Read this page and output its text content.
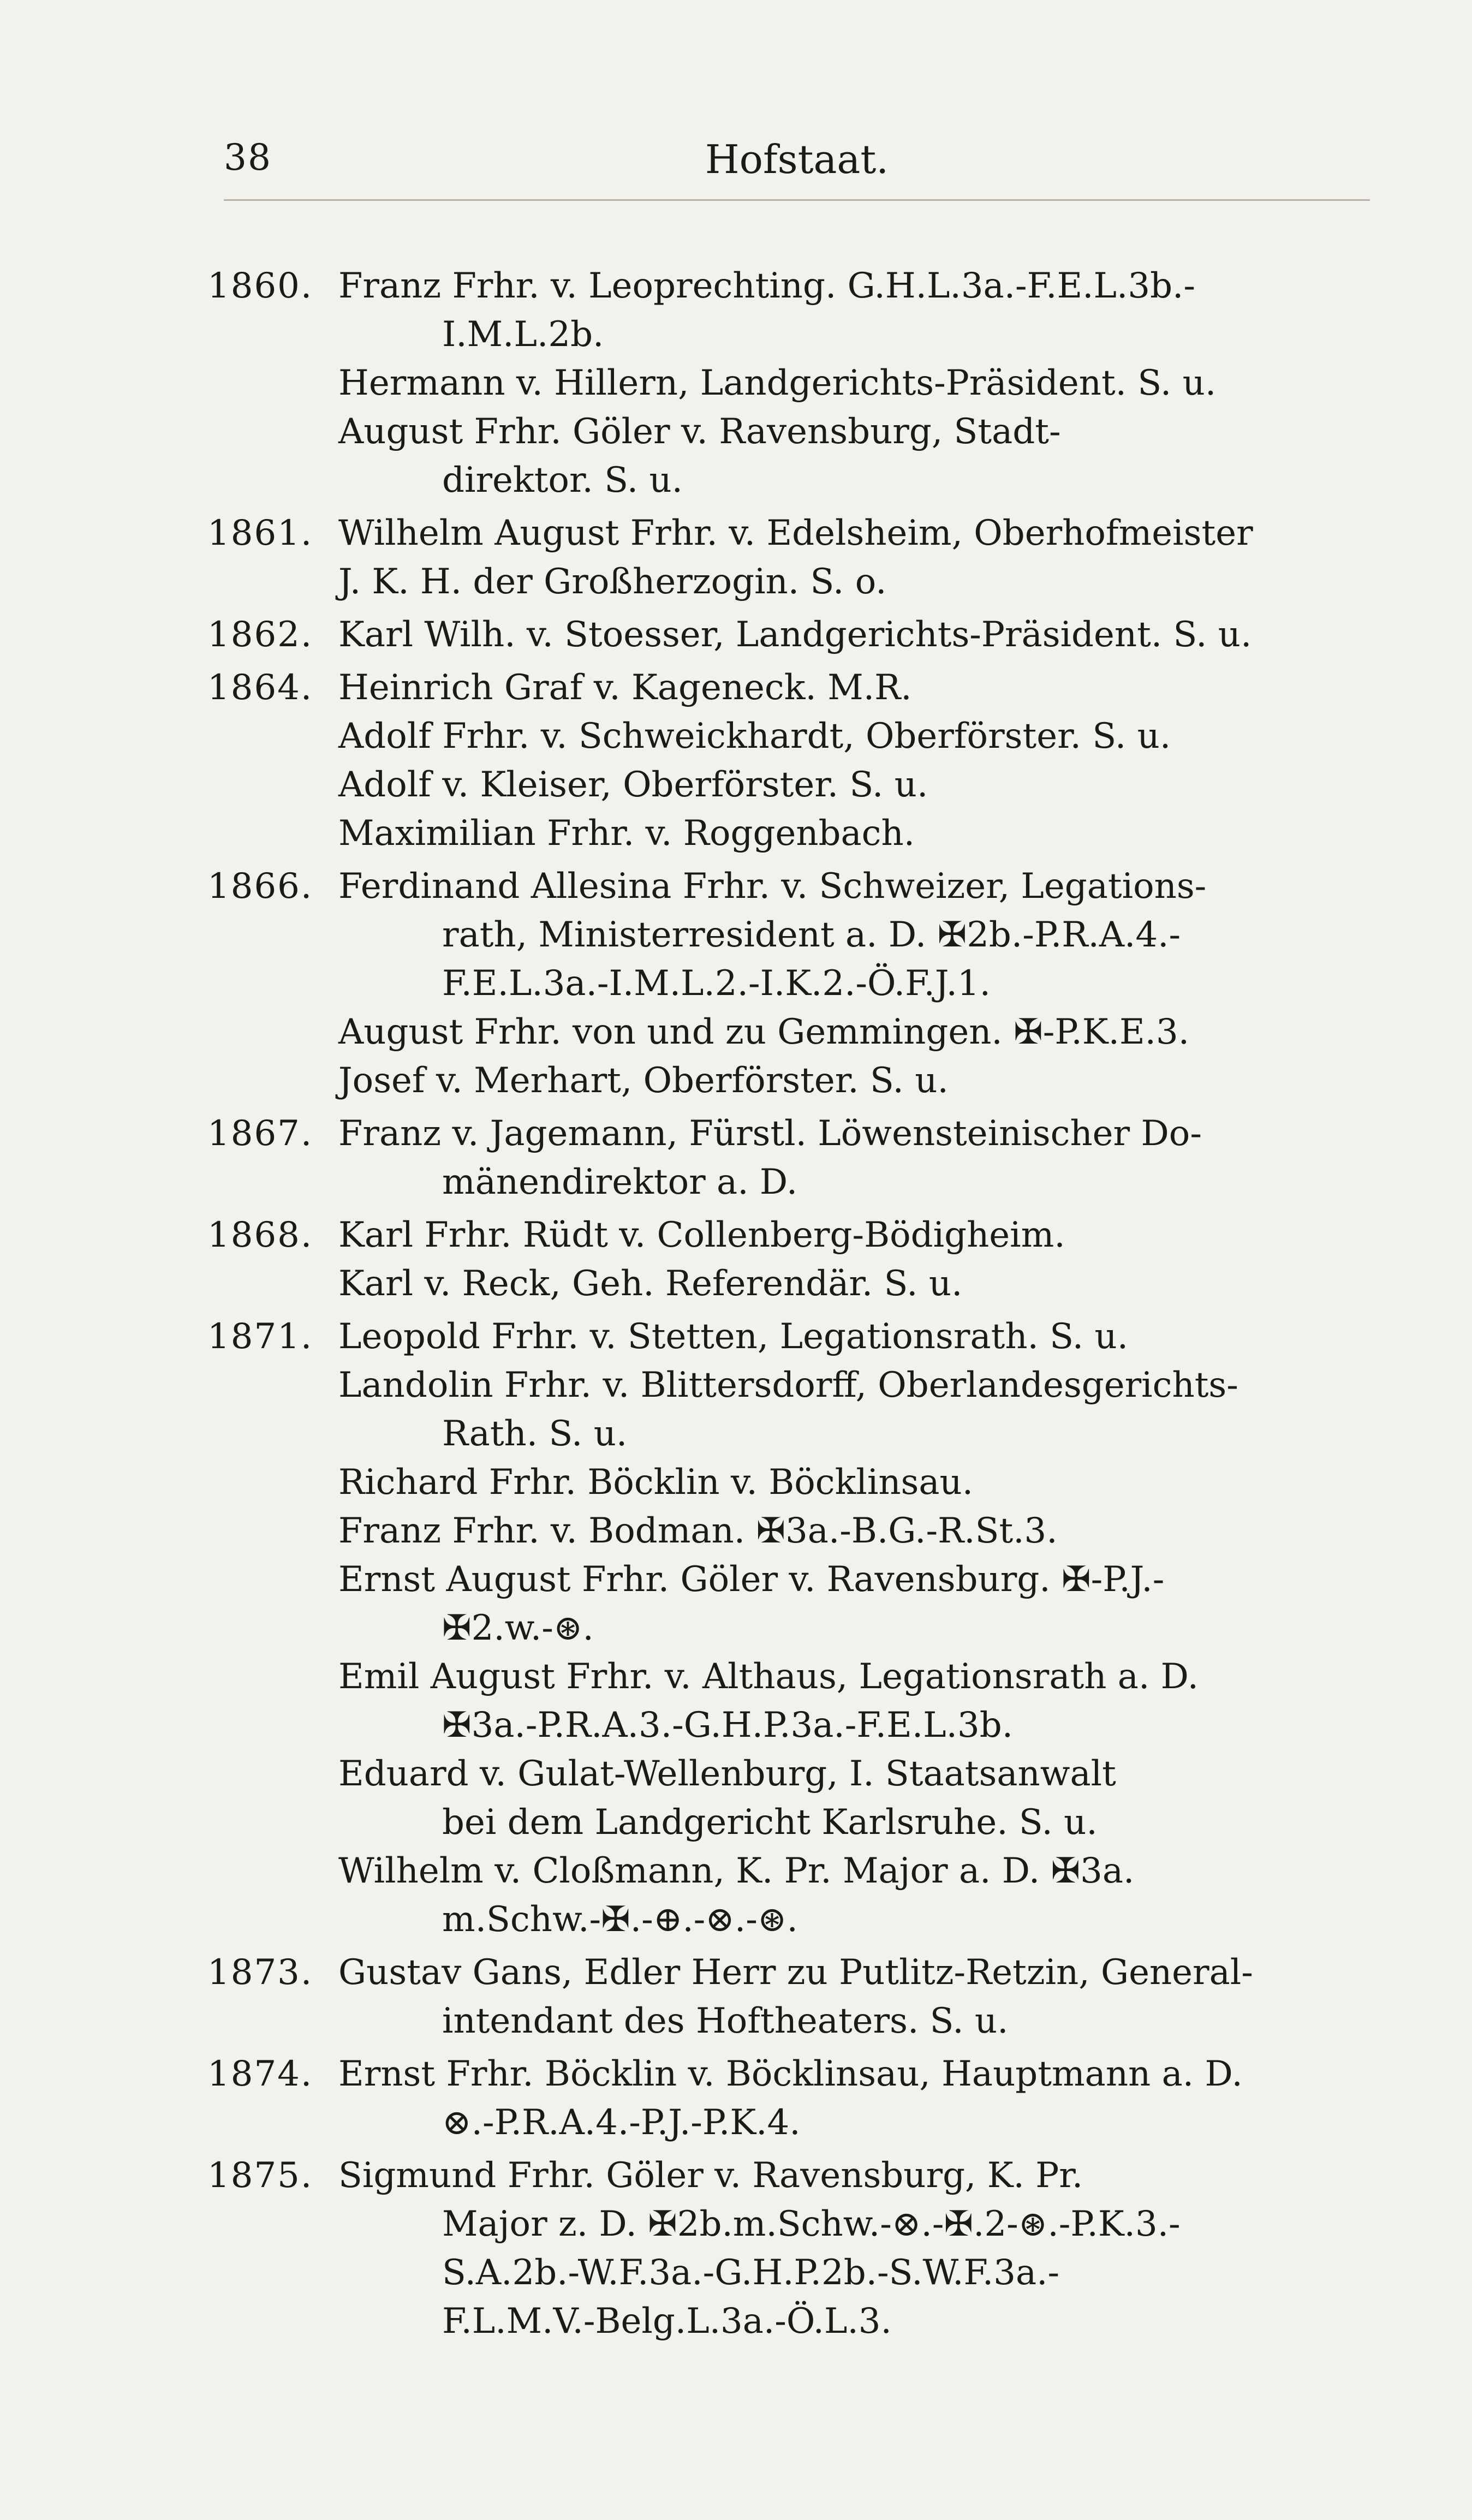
38	Hofstaat.
1860. Franz Frhr. v. Leoprechting. G.H.L.3a.-F.E.L.3b.-
I.M.L.2b.
Hermann v. Hillern, Landgerichts-Präsident. S. u.
August Frhr. Göler v. Ravensburg, Stadt-
direktor. S. u.
1861. Wilhelm August Frhr. v. Edelsheim, Oberhofmeister
J. K. H. der Großherzogin. S. o.
1862. Karl Wilh. v. Stoesser, Landgerichts-Präsident. S. u.
1864. Heinrich Graf v. Kageneck. M.R.
Adolf Frhr. v. Schweickhardt, Oberförster. S. u.
Adolf v. Kleiser, Oberförster. S. u.
Maximilian Frhr. v. Roggenbach.
1866. Ferdinand Allesina Frhr. v. Schweizer, Legations-
rath, Ministerresident a. D. ✠2b.-P.R.A.4.-
F.E.L.3a.-I.M.L.2.-I.K.2.-Ö.F.J.1.
August Frhr. von und zu Gemmingen. ✠-P.K.E.3.
Josef v. Merhart, Oberförster. S. u.
1867. Franz v. Jagemann, Fürstl. Löwensteinischer Do-
mänendirektor a. D.
1868. Karl Frhr. Rüdt v. Collenberg-Bödigheim.
Karl v. Reck, Geh. Referendär. S. u.
1871. Leopold Frhr. v. Stetten, Legationsrath. S. u.
Landolin Frhr. v. Blittersdorff, Oberlandesgerichts-
Rath. S. u.
Richard Frhr. Böcklin v. Böcklinsau.
Franz Frhr. v. Bodman. ✠3a.-B.G.-R.St.3.
Ernst August Frhr. Göler v. Ravensburg. ✠-P.J.-
✠2.w.-⊛.
Emil August Frhr. v. Althaus, Legationsrath a. D.
✠3a.-P.R.A.3.-G.H.P.3a.-F.E.L.3b.
Eduard v. Gulat-Wellenburg, I. Staatsanwalt
bei dem Landgericht Karlsruhe. S. u.
Wilhelm v. Cloßmann, K. Pr. Major a. D. ✠3a.
m.Schw.-✠.-⊕.-⊗.-⊛.
1873. Gustav Gans, Edler Herr zu Putlitz-Retzin, General-
intendant des Hoftheaters. S. u.
1874. Ernst Frhr. Böcklin v. Böcklinsau, Hauptmann a. D.
⊗.-P.R.A.4.-P.J.-P.K.4.
1875. Sigmund Frhr. Göler v. Ravensburg, K. Pr.
Major z. D. ✠2b.m.Schw.-⊗.-✠.2-⊛.-P.K.3.-
S.A.2b.-W.F.3a.-G.H.P.2b.-S.W.F.3a.-
F.L.M.V.-Belg.L.3a.-Ö.L.3.
